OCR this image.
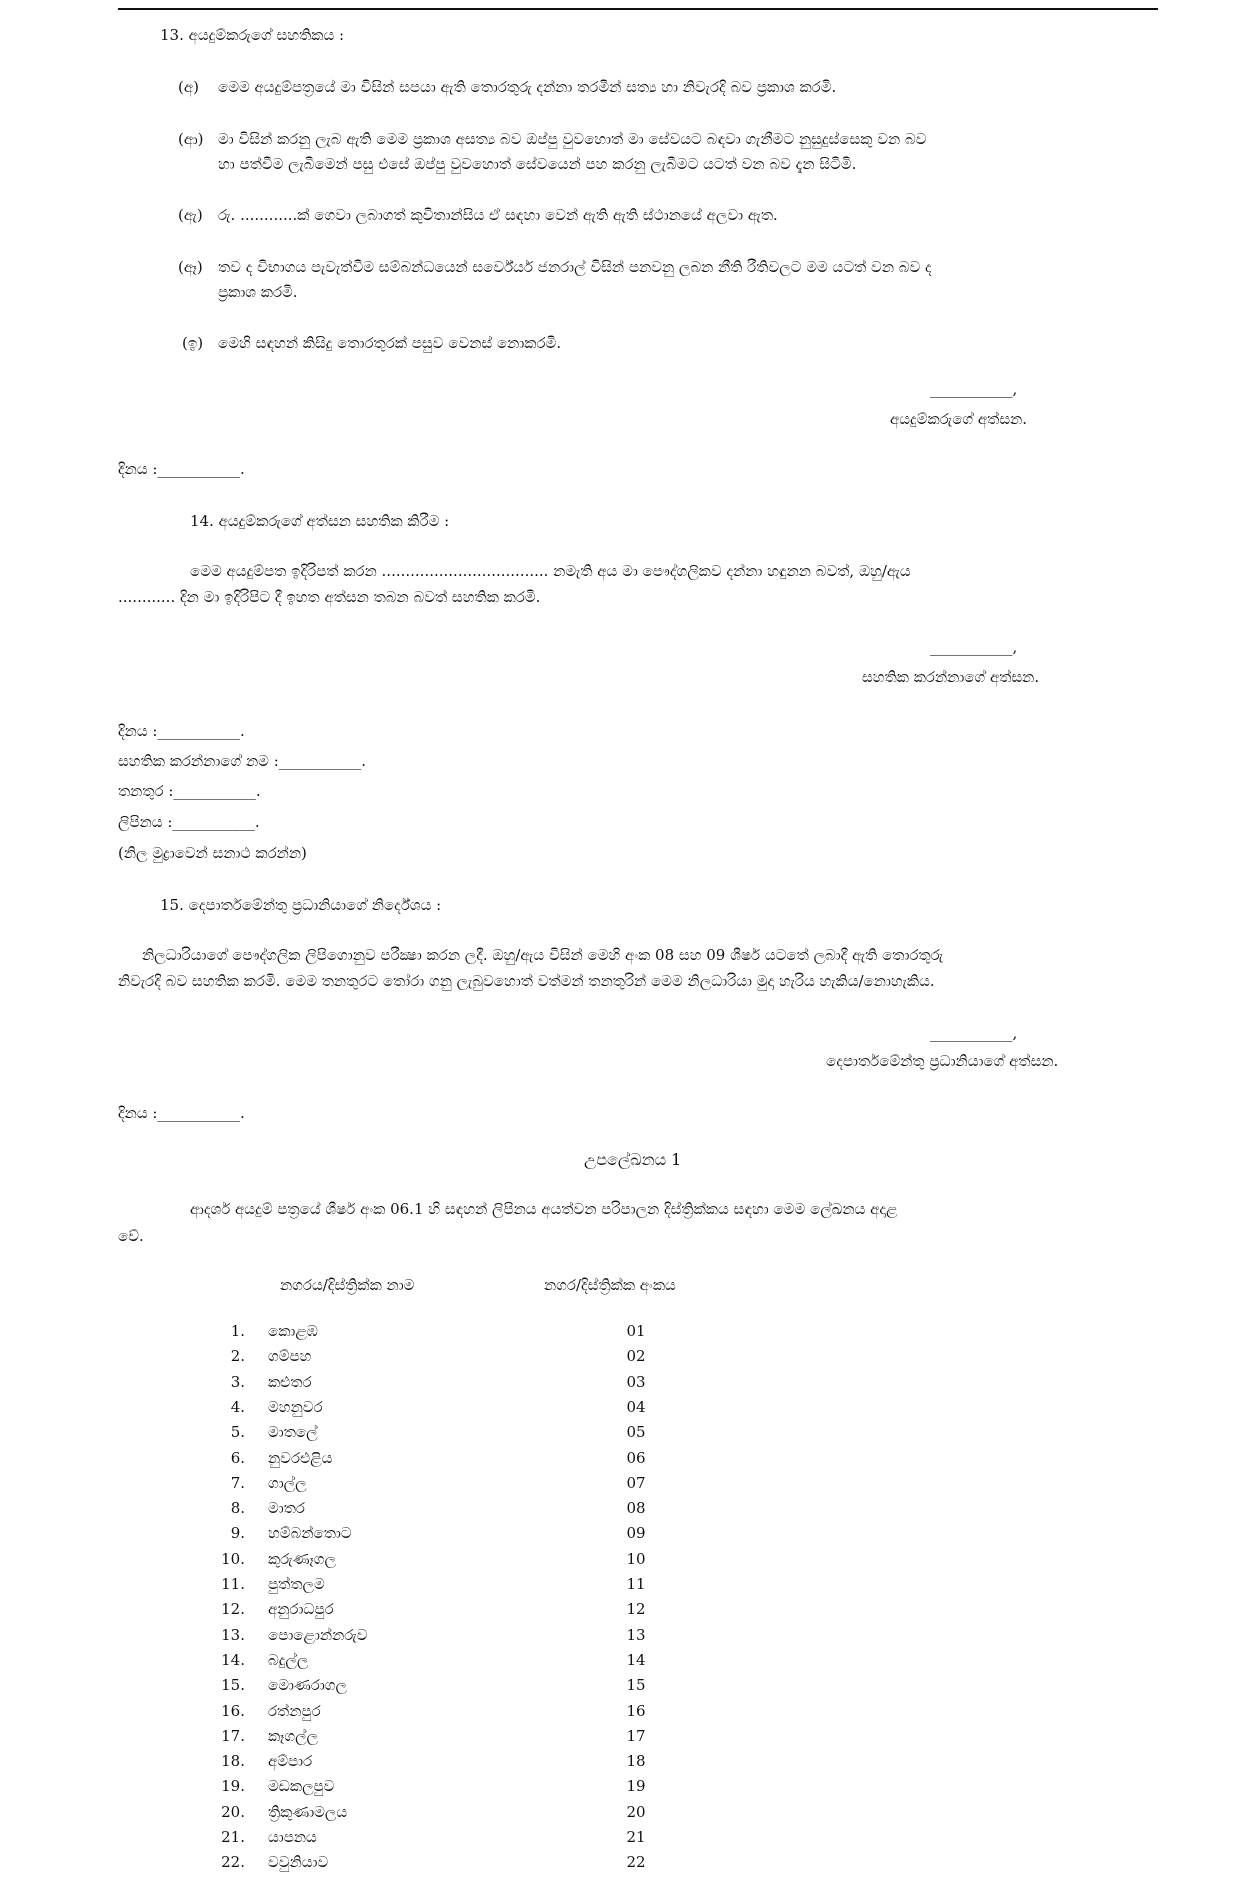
13. අයදුම්කරුගේ සහතිකය :
(අ) මෙම අයදුම්පත්‍රයේ මා විසින් සපයා ඇති තොරතුරු දන්නා තරමින් සත්‍ය හා නිවැරදි බව ප්‍රකාශ කරමි.
(ආ) මා විසින් කරනු ලැබ ඇති මෙම ප්‍රකාශ අසත්‍ය බව ඔප්පු වුවහොත් මා සේවයට බඳවා ගැනීමට නුසුදුස්සෙකු වන බව
හා පත්වීම ලැබීමෙන් පසු එසේ ඔප්පු වුවහොත් සේවයෙන් පහ කරනු ලැබීමට යටත් වන බව දැන සිටිමි.
(ඇ) රු. ............ක් ගෙවා ලබාගත් කුවිතාන්සිය ඒ සඳහා වෙන් ඇති ඇති ස්ථානයේ අලවා ඇත.
(ඈ) තව ද විභාගය පැවැත්වීම සම්බන්ධයෙන් සර්වේයර් ජනරාල් විසින් පනවනු ලබන නීති රීතිවලට මම යටත් වන බව ද
ප්‍රකාශ කරමි.
(ඉ) මෙහි සඳහන් කිසිදු තොරතුරක් පසුව වෙනස් නොකරමි.
___________,
අයදුම්කරුගේ අත්සන.
දිනය :___________.
14. අයදුම්කරුගේ අත්සන සහතික කිරීම :
මෙම අයදුම්පත ඉදිරිපත් කරන ................................... නමැති අය මා පෞද්ගලිකව දන්නා හඳුනන බවත්, ඔහු/ඇය
............ දින මා ඉදිරිපිට දී ඉහත අත්සන තබන බවත් සහතික කරමි.
___________,
සහතික කරන්නාගේ අත්සන.
දිනය :___________.
සහතික කරන්නාගේ නම :___________.
තනතුර :___________.
ලිපිනය :___________.
(නිල මුද්‍රාවෙන් සනාථ කරන්න)
15. දෙපාර්තමේන්තු ප්‍රධානියාගේ නිර්දේශය :
නිලධාරියාගේ පෞද්ගලික ලිපිගොනුව පරීක්‍ෂා කරන ලදී. ඔහු/ඇය විසින් මෙහි අංක 08 සහ 09 ශීර්ෂ යටතේ ලබාදී ඇති තොරතුරු
නිවැරදි බව සහතික කරමි. මෙම තනතුරට තෝරා ගනු ලැබුවහොත් වත්මන් තනතුරින් මෙම නිලධාරියා මුදා හැරිය හැකිය/නොහැකිය.
___________,
දෙපාර්තමේන්තු ප්‍රධානියාගේ අත්සන.
දිනය :___________.
උපලේඛනය 1
ආදර්ශ අයදුම් පත්‍රයේ ශීර්ෂ අංක 06.1 හි සඳහන් ලිපිනය අයත්වන පරිපාලන දිස්ත්‍රික්කය සඳහා මෙම ලේඛනය අදාළ
වේ.
නගරය/දිස්ත්‍රික්ක නාම	නගර/දිස්ත්‍රික්ක අංකය
1. කොළඹ	01
2. ගම්පහ	02
3. කළුතර	03
4. මහනුවර	04
5. මාතලේ	05
6. නුවරඑළිය	06
7. ගාල්ල	07
8. මාතර	08
9. හම්බන්තොට	09
10. කුරුණෑගල	10
11. පුත්තලම	11
12. අනුරාධපුර	12
13. පොළොන්නරුව	13
14. බදුල්ල	14
15. මොණරාගල	15
16. රත්නපුර	16
17. කෑගල්ල	17
18. අම්පාර	18
19. මඩකලපුව	19
20. ත්‍රිකුණාමලය	20
21. යාපනය	21
22. වවුනියාව	22
